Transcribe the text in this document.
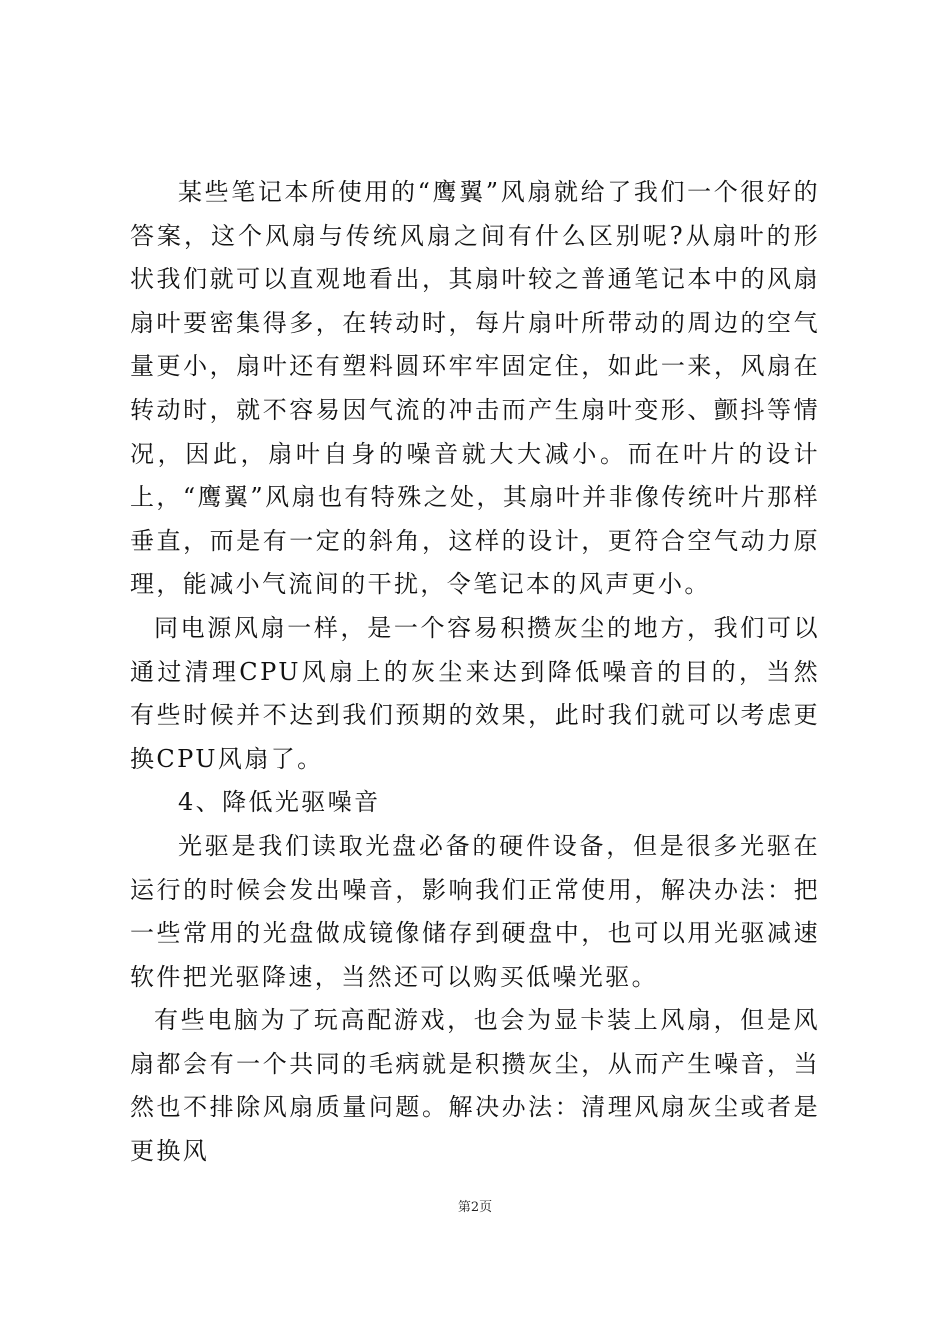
某些笔记本所使用的“鹰翼”风扇就给了我们一个很好的答案，这个风扇与传统风扇之间有什么区别呢?从扇叶的形状我们就可以直观地看出，其扇叶较之普通笔记本中的风扇扇叶要密集得多，在转动时，每片扇叶所带动的周边的空气量更小，扇叶还有塑料圆环牢牢固定住，如此一来，风扇在转动时，就不容易因气流的冲击而产生扇叶变形、颤抖等情况，因此，扇叶自身的噪音就大大减小。而在叶片的设计上，“鹰翼”风扇也有特殊之处，其扇叶并非像传统叶片那样垂直，而是有一定的斜角，这样的设计，更符合空气动力原理，能减小气流间的干扰，令笔记本的风声更小。

同电源风扇一样，是一个容易积攒灰尘的地方，我们可以通过清理CPU风扇上的灰尘来达到降低噪音的目的，当然有些时候并不达到我们预期的效果，此时我们就可以考虑更换CPU风扇了。

4、降低光驱噪音

光驱是我们读取光盘必备的硬件设备，但是很多光驱在运行的时候会发出噪音，影响我们正常使用，解决办法：把一些常用的光盘做成镜像储存到硬盘中，也可以用光驱减速软件把光驱降速，当然还可以购买低噪光驱。

有些电脑为了玩高配游戏，也会为显卡装上风扇，但是风扇都会有一个共同的毛病就是积攒灰尘，从而产生噪音，当然也不排除风扇质量问题。解决办法：清理风扇灰尘或者是更换风

第2页
